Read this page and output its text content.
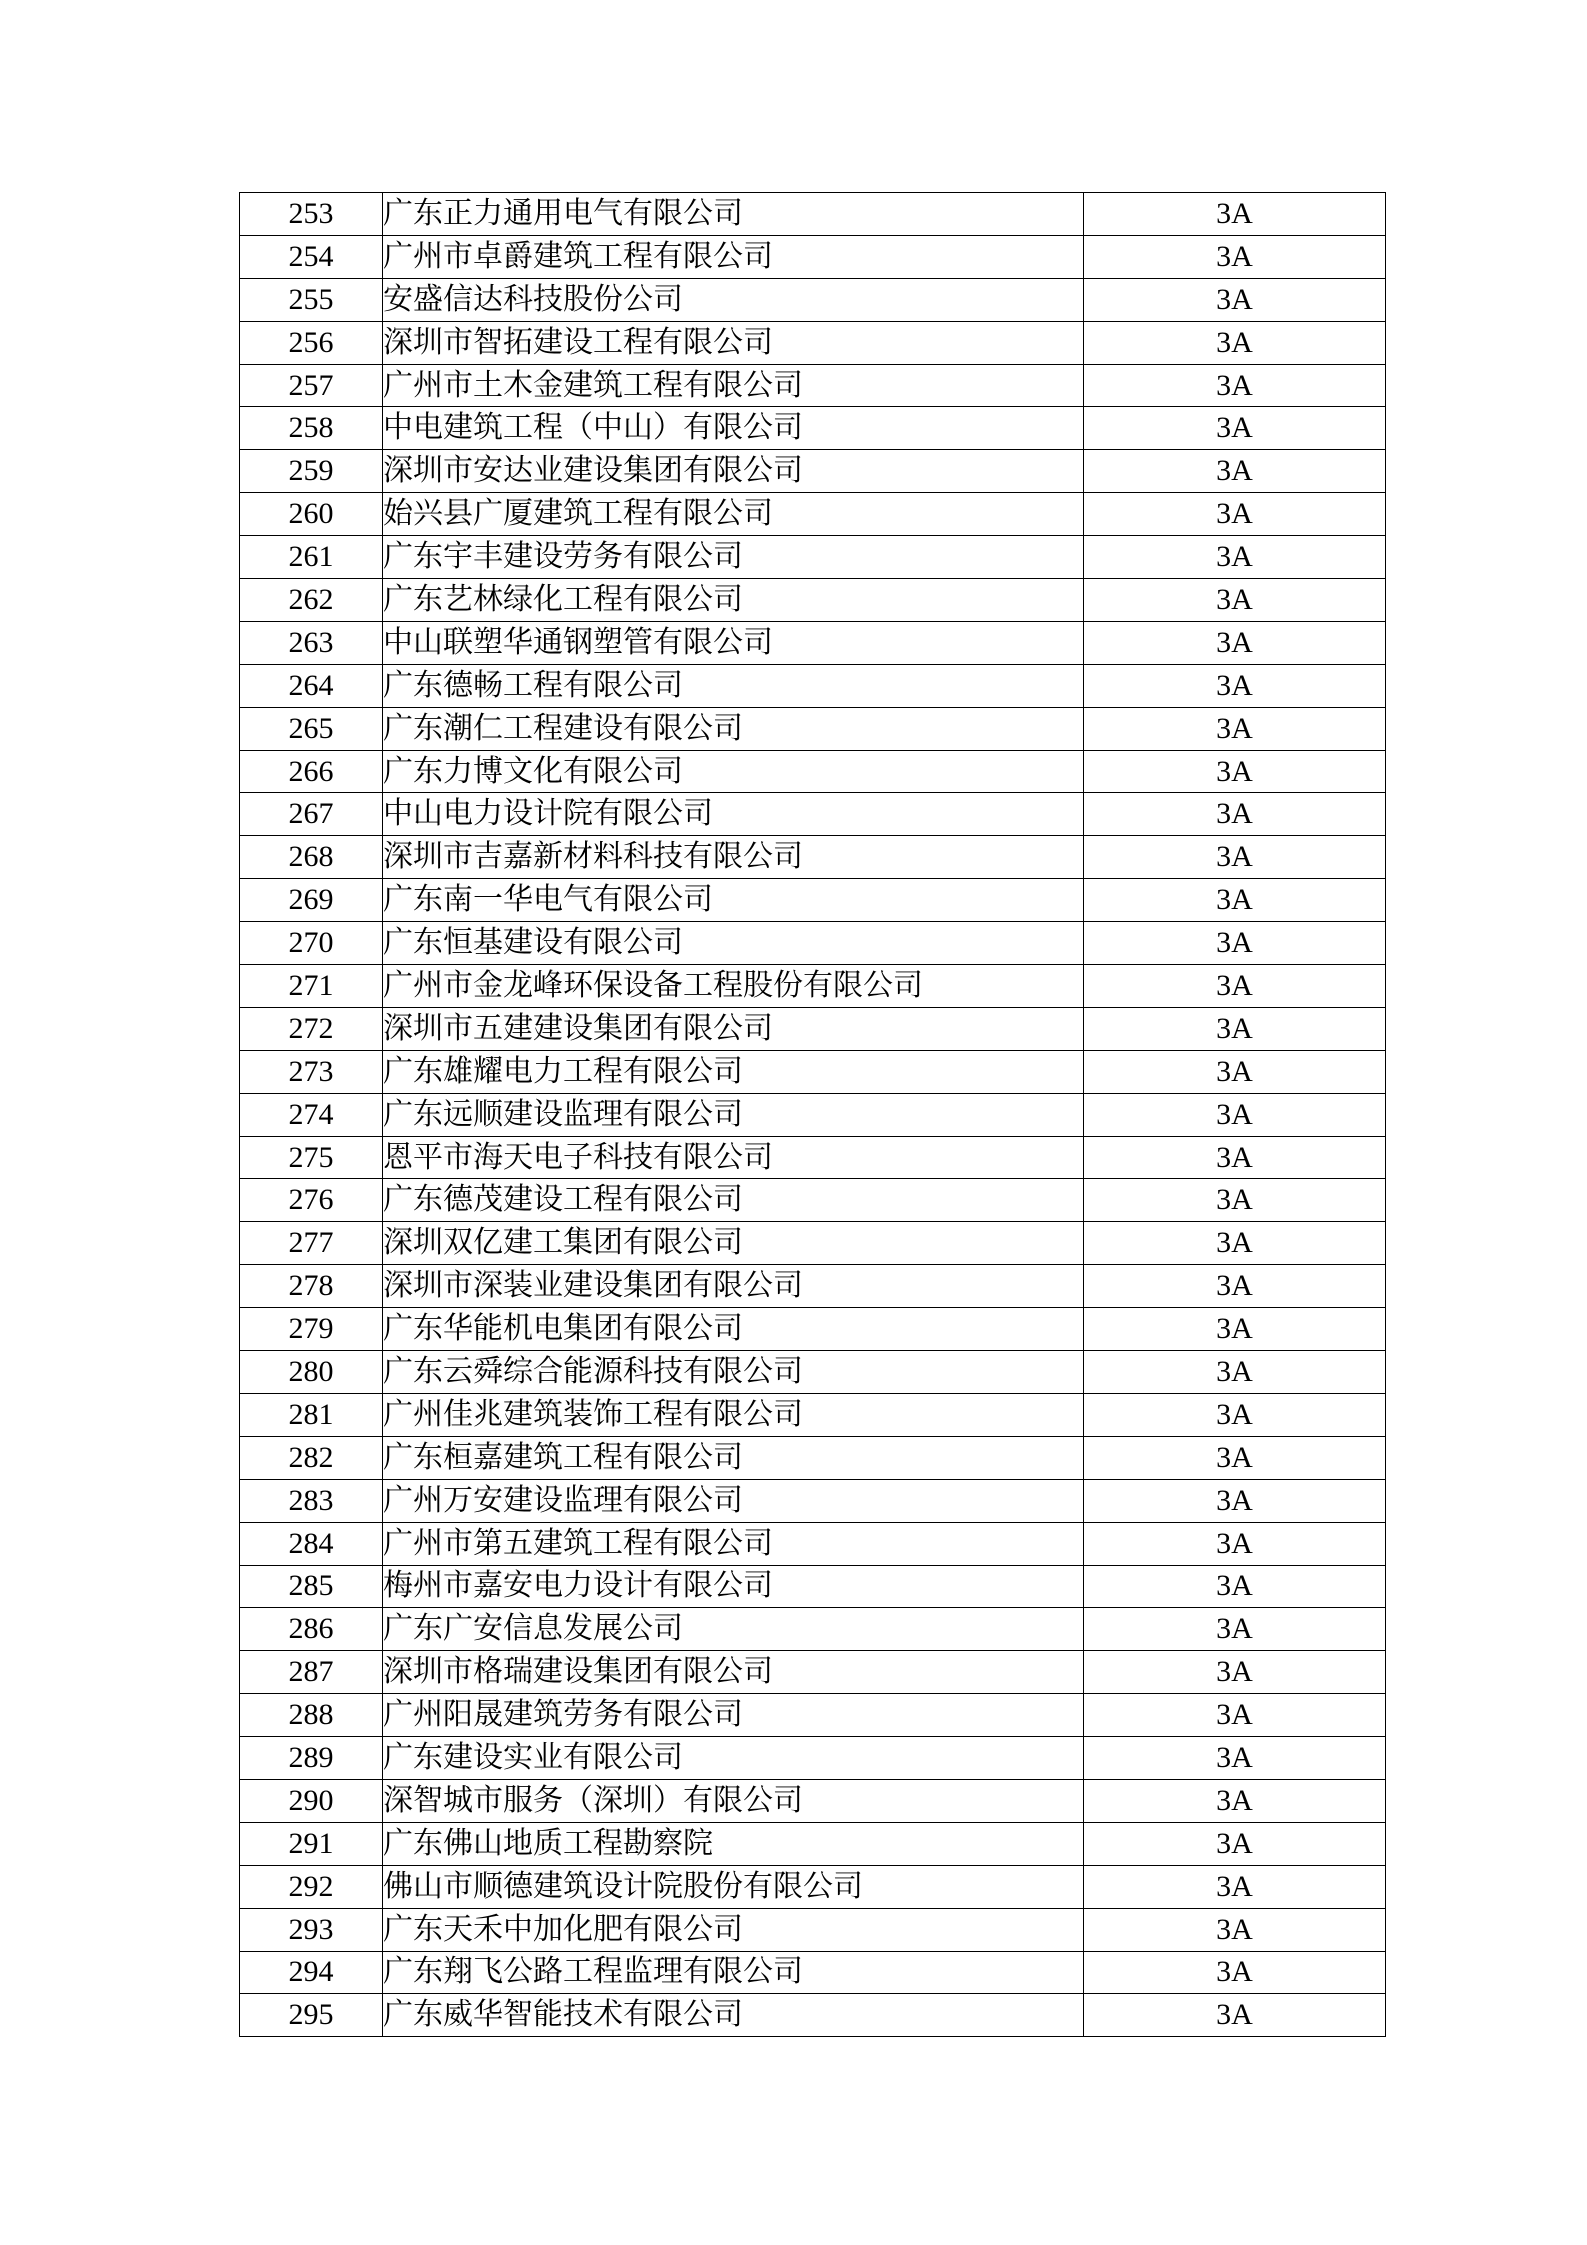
253	广东正力通用电气有限公司	3A
254	广州市卓爵建筑工程有限公司	3A
255	安盛信达科技股份公司	3A
256	深圳市智拓建设工程有限公司	3A
257	广州市土木金建筑工程有限公司	3A
258	中电建筑工程（中山）有限公司	3A
259	深圳市安达业建设集团有限公司	3A
260	始兴县广厦建筑工程有限公司	3A
261	广东宇丰建设劳务有限公司	3A
262	广东艺林绿化工程有限公司	3A
263	中山联塑华通钢塑管有限公司	3A
264	广东德畅工程有限公司	3A
265	广东潮仁工程建设有限公司	3A
266	广东力博文化有限公司	3A
267	中山电力设计院有限公司	3A
268	深圳市吉嘉新材料科技有限公司	3A
269	广东南一华电气有限公司	3A
270	广东恒基建设有限公司	3A
271	广州市金龙峰环保设备工程股份有限公司	3A
272	深圳市五建建设集团有限公司	3A
273	广东雄耀电力工程有限公司	3A
274	广东远顺建设监理有限公司	3A
275	恩平市海天电子科技有限公司	3A
276	广东德茂建设工程有限公司	3A
277	深圳双亿建工集团有限公司	3A
278	深圳市深装业建设集团有限公司	3A
279	广东华能机电集团有限公司	3A
280	广东云舜综合能源科技有限公司	3A
281	广州佳兆建筑装饰工程有限公司	3A
282	广东桓嘉建筑工程有限公司	3A
283	广州万安建设监理有限公司	3A
284	广州市第五建筑工程有限公司	3A
285	梅州市嘉安电力设计有限公司	3A
286	广东广安信息发展公司	3A
287	深圳市格瑞建设集团有限公司	3A
288	广州阳晟建筑劳务有限公司	3A
289	广东建设实业有限公司	3A
290	深智城市服务（深圳）有限公司	3A
291	广东佛山地质工程勘察院	3A
292	佛山市顺德建筑设计院股份有限公司	3A
293	广东天禾中加化肥有限公司	3A
294	广东翔飞公路工程监理有限公司	3A
295	广东威华智能技术有限公司	3A
